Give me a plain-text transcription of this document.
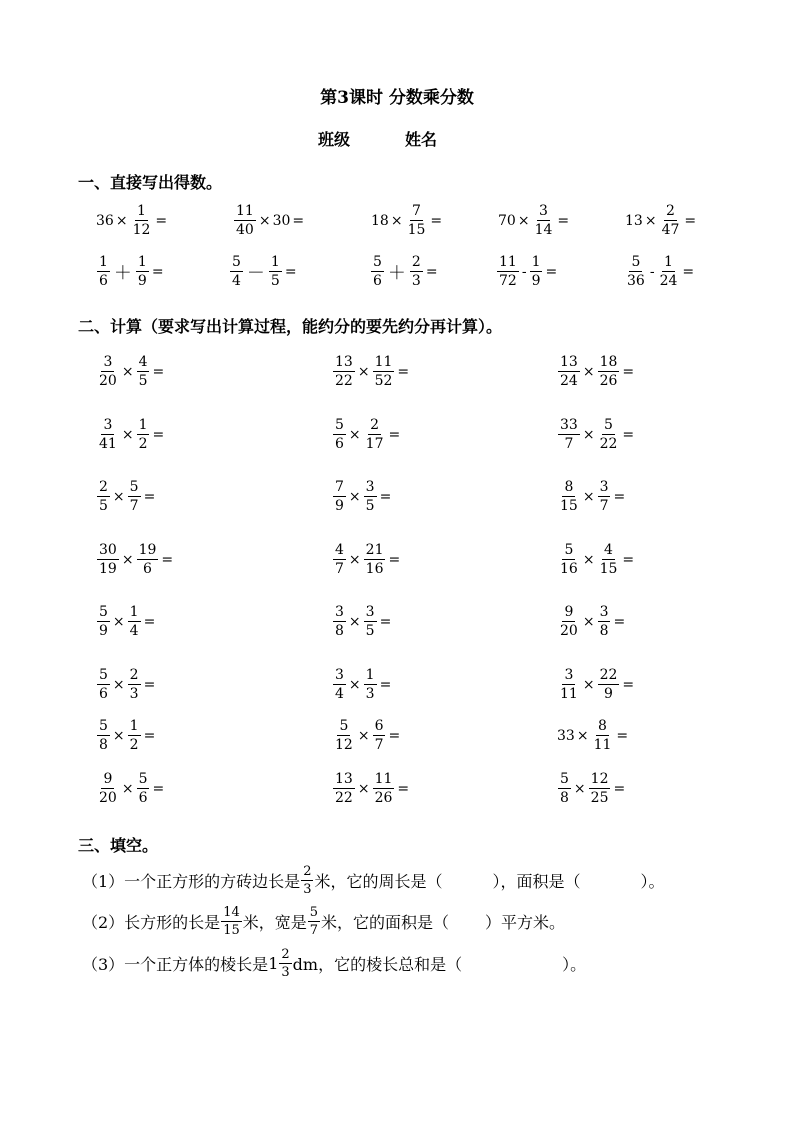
第3课时 分数乘分数
班级	姓名
一、直接写出得数。
二、计算（要求写出计算过程，能约分的要先约分再计算）。
三、填空。
$36 \times \frac{1}{12}$ =	$\frac{11}{40} \times 30$ =	$18 \times \frac{7}{15}$ =	$70 \times \frac{3}{14}$ =	$13 \times \frac{2}{47}$ =
$\frac{1}{6} + \frac{1}{9}$ =	$\frac{5}{4} - \frac{1}{5}$ =	$\frac{5}{6} + \frac{2}{3}$ =	$\frac{11}{72} - \frac{1}{9}$ =	$\frac{5}{36} - \frac{1}{24}$ =
$\frac{3}{20} \times \frac{4}{5}$ =	$\frac{13}{22} \times \frac{11}{52}$ =	$\frac{13}{24} \times \frac{18}{26}$ =
$\frac{3}{41} \times \frac{1}{2}$ =	$\frac{5}{6} \times \frac{2}{17}$ =	$\frac{33}{7} \times \frac{5}{22}$ =
$\frac{2}{5} \times \frac{5}{7}$ =	$\frac{7}{9} \times \frac{3}{5}$ =	$\frac{8}{15} \times \frac{3}{7}$ =
$\frac{30}{19} \times \frac{19}{6}$ =	$\frac{4}{7} \times \frac{21}{16}$ =	$\frac{5}{16} \times \frac{4}{15}$ =
$\frac{5}{9} \times \frac{1}{4}$ =	$\frac{3}{8} \times \frac{3}{5}$ =	$\frac{9}{20} \times \frac{3}{8}$ =
$\frac{5}{6} \times \frac{2}{3}$ =	$\frac{3}{4} \times \frac{1}{3}$ =	$\frac{3}{11} \times \frac{22}{9}$ =
$\frac{5}{8} \times \frac{1}{2}$ =	$\frac{5}{12} \times \frac{6}{7}$ =	$33 \times \frac{8}{11}$ =
$\frac{9}{20} \times \frac{5}{6}$ =	$\frac{13}{22} \times \frac{11}{26}$ =	$\frac{5}{8} \times \frac{12}{25}$ =
（1）一个正方形的方砖边长是 $\frac{2}{3}$ 米，它的周长是（	），面积是（	）。
（2）长方形的长是 $\frac{14}{15}$ 米，宽是 $\frac{5}{7}$ 米，它的面积是（ ）平方米。
（3）一个正方体的棱长是 $1 \frac{2}{3}$ dm，它的棱长总和是（	）。
